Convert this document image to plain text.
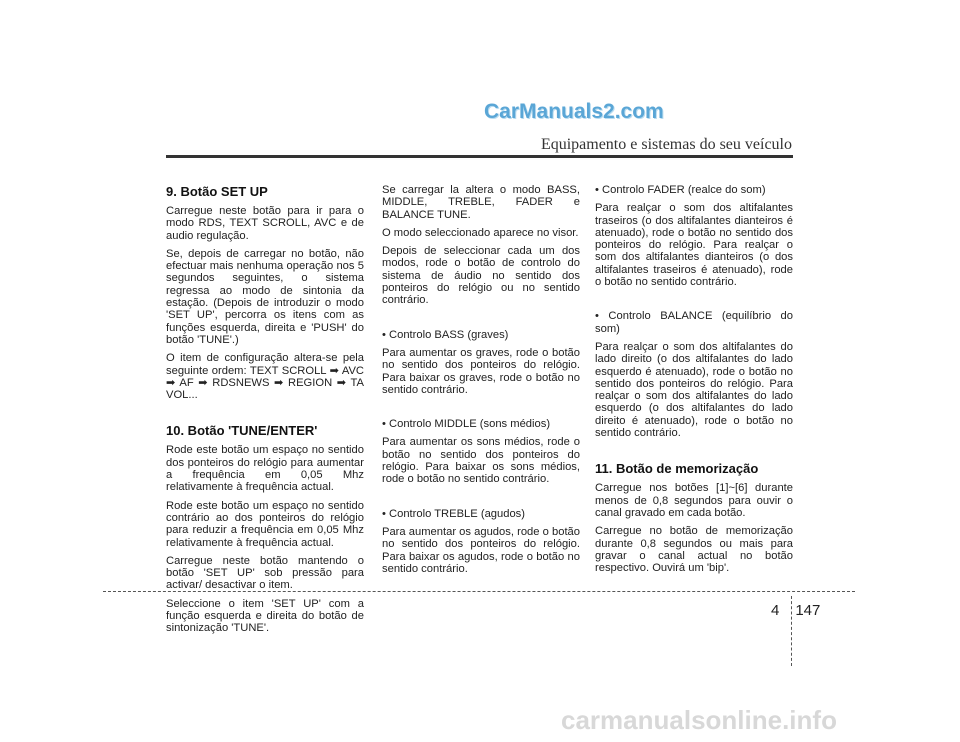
CarManuals2.com
Equipamento e sistemas do seu veículo
9. Botão SET UP

Carregue neste botão para ir para o modo RDS, TEXT SCROLL, AVC e de audio regulação.

Se, depois de carregar no botão, não efectuar mais nenhuma operação nos 5 segundos seguintes, o sistema regressa ao modo de sintonia da estação. (Depois de introduzir o modo 'SET UP', percorra os itens com as funções esquerda, direita e 'PUSH' do botão 'TUNE'.)

O item de configuração altera-se pela seguinte ordem: TEXT SCROLL ➡ AVC ➡ AF ➡ RDSNEWS ➡ REGION ➡ TA VOL...

10. Botão 'TUNE/ENTER'

Rode este botão um espaço no sentido dos ponteiros do relógio para aumentar a frequência em 0,05 Mhz relativamente à frequência actual.

Rode este botão um espaço no sentido contrário ao dos ponteiros do relógio para reduzir a frequência em 0,05 Mhz relativamente à frequência actual.

Carregue neste botão mantendo o botão 'SET UP' sob pressão para activar/ desactivar o item.

Seleccione o item 'SET UP' com a função esquerda e direita do botão de sintonização 'TUNE'.

Se carregar la altera o modo BASS, MIDDLE, TREBLE, FADER e BALANCE TUNE.

O modo seleccionado aparece no visor.

Depois de seleccionar cada um dos modos, rode o botão de controlo do sistema de áudio no sentido dos ponteiros do relógio ou no sentido contrário.

• Controlo BASS (graves)

Para aumentar os graves, rode o botão no sentido dos ponteiros do relógio. Para baixar os graves, rode o botão no sentido contrário.

• Controlo MIDDLE (sons médios)

Para aumentar os sons médios, rode o botão no sentido dos ponteiros do relógio. Para baixar os sons médios, rode o botão no sentido contrário.

• Controlo TREBLE (agudos)

Para aumentar os agudos, rode o botão no sentido dos ponteiros do relógio. Para baixar os agudos, rode o botão no sentido contrário.

• Controlo FADER (realce do som)

Para realçar o som dos altifalantes traseiros (o dos altifalantes dianteiros é atenuado), rode o botão no sentido dos ponteiros do relógio. Para realçar o som dos altifalantes dianteiros (o dos altifalantes traseiros é atenuado), rode o botão no sentido contrário.

• Controlo BALANCE (equilíbrio do som)

Para realçar o som dos altifalantes do lado direito (o dos altifalantes do lado esquerdo é atenuado), rode o botão no sentido dos ponteiros do relógio. Para realçar o som dos altifalantes do lado esquerdo (o dos altifalantes do lado direito é atenuado), rode o botão no sentido contrário.

11. Botão de memorização

Carregue nos botões [1]~[6] durante menos de 0,8 segundos para ouvir o canal gravado em cada botão.

Carregue no botão de memorização durante 0,8 segundos ou mais para gravar o canal actual no botão respectivo. Ouvirá um 'bip'.

4 147
carmanualsonline.info
